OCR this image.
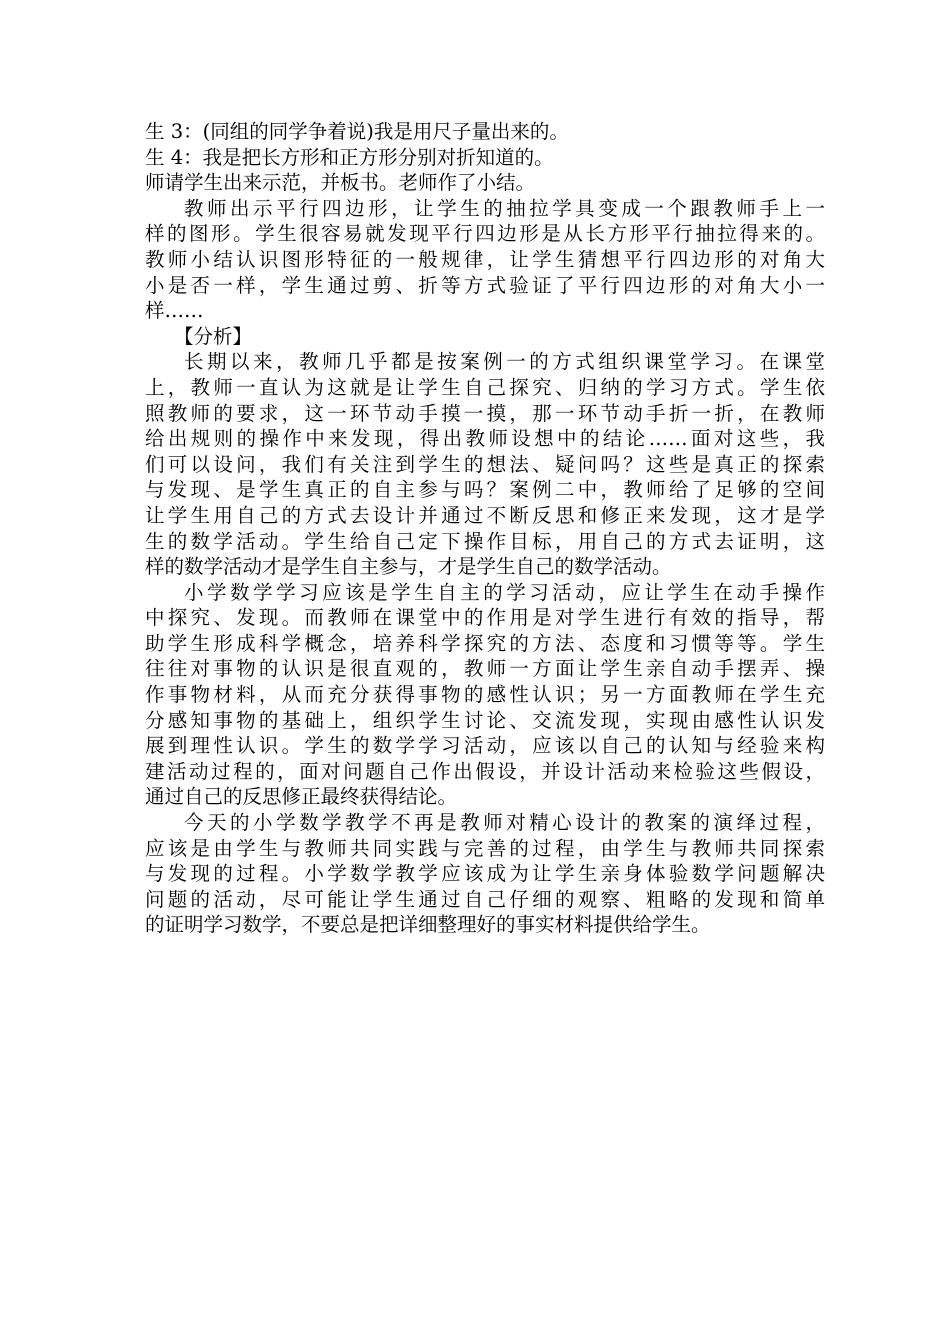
生 3：(同组的同学争着说)我是用尺子量出来的。
生 4：我是把长方形和正方形分别对折知道的。
师请学生出来示范，并板书。老师作了小结。
教师出示平行四边形，让学生的抽拉学具变成一个跟教师手上一
样的图形。学生很容易就发现平行四边形是从长方形平行抽拉得来的。
教师小结认识图形特征的一般规律，让学生猜想平行四边形的对角大
小是否一样，学生通过剪、折等方式验证了平行四边形的对角大小一
样……
【分析】
长期以来，教师几乎都是按案例一的方式组织课堂学习。在课堂
上，教师一直认为这就是让学生自己探究、归纳的学习方式。学生依
照教师的要求，这一环节动手摸一摸，那一环节动手折一折，在教师
给出规则的操作中来发现，得出教师设想中的结论……面对这些，我
们可以设问，我们有关注到学生的想法、疑问吗？这些是真正的探索
与发现、是学生真正的自主参与吗？案例二中，教师给了足够的空间
让学生用自己的方式去设计并通过不断反思和修正来发现，这才是学
生的数学活动。学生给自己定下操作目标，用自己的方式去证明，这
样的数学活动才是学生自主参与，才是学生自己的数学活动。
小学数学学习应该是学生自主的学习活动，应让学生在动手操作
中探究、发现。而教师在课堂中的作用是对学生进行有效的指导，帮
助学生形成科学概念，培养科学探究的方法、态度和习惯等等。学生
往往对事物的认识是很直观的，教师一方面让学生亲自动手摆弄、操
作事物材料，从而充分获得事物的感性认识；另一方面教师在学生充
分感知事物的基础上，组织学生讨论、交流发现，实现由感性认识发
展到理性认识。学生的数学学习活动，应该以自己的认知与经验来构
建活动过程的，面对问题自己作出假设，并设计活动来检验这些假设，
通过自己的反思修正最终获得结论。
今天的小学数学教学不再是教师对精心设计的教案的演绎过程，
应该是由学生与教师共同实践与完善的过程，由学生与教师共同探索
与发现的过程。小学数学教学应该成为让学生亲身体验数学问题解决
问题的活动，尽可能让学生通过自己仔细的观察、粗略的发现和简单
的证明学习数学，不要总是把详细整理好的事实材料提供给学生。
